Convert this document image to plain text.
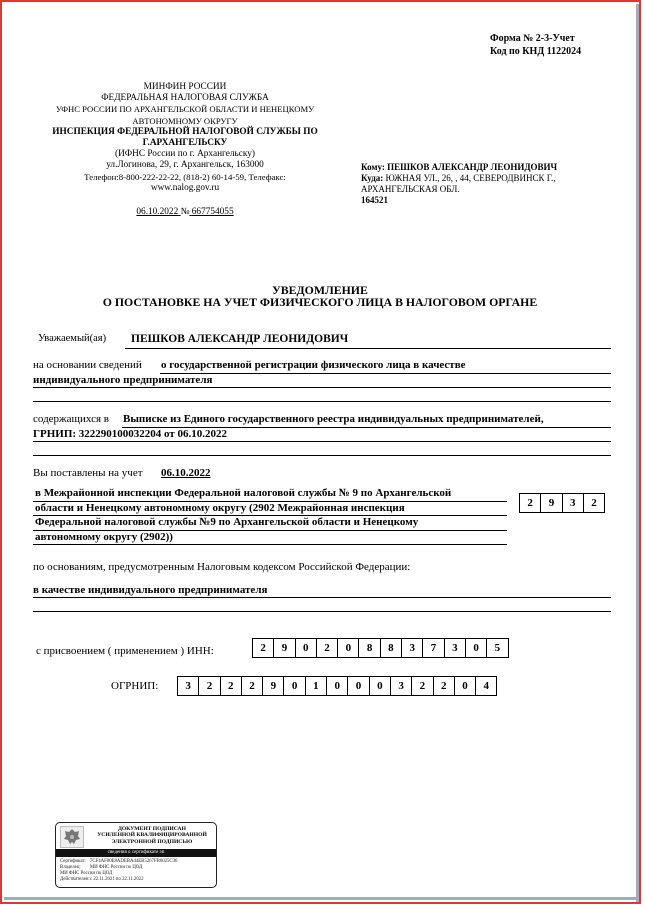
Форма № 2-3-Учет
Код по КНД 1122024
МИНФИН РОССИИ
ФЕДЕРАЛЬНАЯ НАЛОГОВАЯ СЛУЖБА
УФНС РОССИИ ПО АРХАНГЕЛЬСКОЙ ОБЛАСТИ И НЕНЕЦКОМУ АВТОНОМНОМУ ОКРУГУ
ИНСПЕКЦИЯ ФЕДЕРАЛЬНОЙ НАЛОГОВОЙ СЛУЖБЫ ПО Г.АРХАНГЕЛЬСКУ
(ИФНС России по г. Архангельску)
ул.Логинова, 29, г. Архангельск, 163000
Телефон:8-800-222-22-22, (818-2) 60-14-59, Телефакс:
www.nalog.gov.ru
06.10.2022 № 667754055
Кому: ПЕШКОВ АЛЕКСАНДР ЛЕОНИДОВИЧ
Куда: ЮЖНАЯ УЛ., 26, , 44, СЕВЕРОДВИНСК Г.,
АРХАНГЕЛЬСКАЯ ОБЛ.
164521
УВЕДОМЛЕНИЕ
О ПОСТАНОВКЕ НА УЧЕТ ФИЗИЧЕСКОГО ЛИЦА В НАЛОГОВОМ ОРГАНЕ
Уважаемый(ая) ПЕШКОВ АЛЕКСАНДР ЛЕОНИДОВИЧ
на основании сведений о государственной регистрации физического лица в качестве
индивидуального предпринимателя
содержащихся в Выписке из Единого государственного реестра индивидуальных предпринимателей,
ГРНИП: 322290100032204 от 06.10.2022
Вы поставлены на учет 06.10.2022
в Межрайонной инспекции Федеральной налоговой службы № 9 по Архангельской
области и Ненецкому автономному округу (2902 Межрайонная инспекция
Федеральной налоговой службы №9 по Архангельской области и Ненецкому
автономному округу (2902))
2	9	3	2
по основаниям, предусмотренным Налоговым кодексом Российской Федерации:
в качестве индивидуального предпринимателя
с присвоением ( применением ) ИНН:	2	9	0	2	0	8	8	3	7	3	0	5
ОГРНИП:	3	2	2	2	9	0	1	0	0	0	3	2	2	0	4
ДОКУМЕНТ ПОДПИСАН
УСИЛЕННОЙ КВАЛИФИЦИРОВАННОЙ
ЭЛЕКТРОННОЙ ПОДПИСЬЮ
сведения о сертификате эп
Сертификат: 7CF4AF00E8ADEBA44EB5267FB6025C36
Владелец: МИ ФНС России по ЦОД
МИ ФНС России по ЦОД
Действителен:с 22.11.2021 по 22.11.2022
